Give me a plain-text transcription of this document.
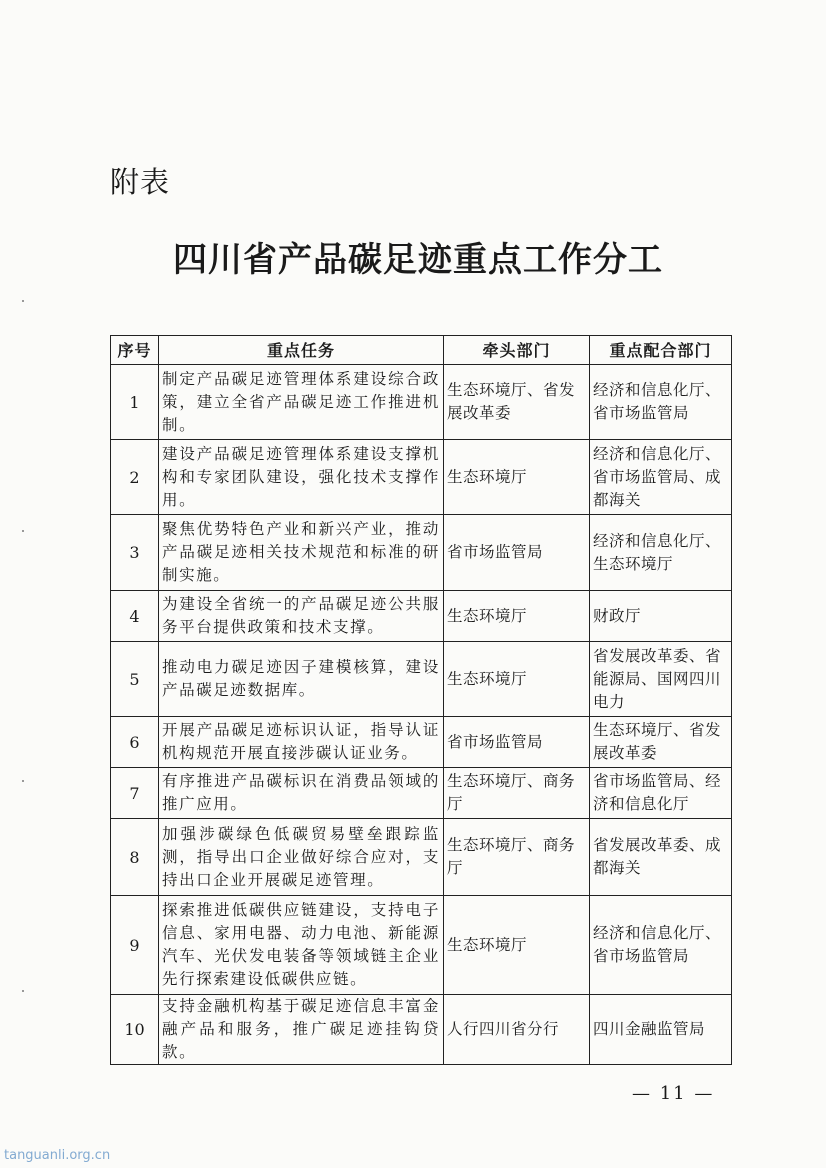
附表
四川省产品碳足迹重点工作分工
序号	重点任务	牵头部门	重点配合部门
1	制定产品碳足迹管理体系建设综合政策，建立全省产品碳足迹工作推进机制。	生态环境厅、省发展改革委	经济和信息化厅、省市场监管局
2	建设产品碳足迹管理体系建设支撑机构和专家团队建设，强化技术支撑作用。	生态环境厅	经济和信息化厅、省市场监管局、成都海关
3	聚焦优势特色产业和新兴产业，推动产品碳足迹相关技术规范和标准的研制实施。	省市场监管局	经济和信息化厅、生态环境厅
4	为建设全省统一的产品碳足迹公共服务平台提供政策和技术支撑。	生态环境厅	财政厅
5	推动电力碳足迹因子建模核算，建设产品碳足迹数据库。	生态环境厅	省发展改革委、省能源局、国网四川电力
6	开展产品碳足迹标识认证，指导认证机构规范开展直接涉碳认证业务。	省市场监管局	生态环境厅、省发展改革委
7	有序推进产品碳标识在消费品领域的推广应用。	生态环境厅、商务厅	省市场监管局、经济和信息化厅
8	加强涉碳绿色低碳贸易壁垒跟踪监测，指导出口企业做好综合应对，支持出口企业开展碳足迹管理。	生态环境厅、商务厅	省发展改革委、成都海关
9	探索推进低碳供应链建设，支持电子信息、家用电器、动力电池、新能源汽车、光伏发电装备等领域链主企业先行探索建设低碳供应链。	生态环境厅	经济和信息化厅、省市场监管局
10	支持金融机构基于碳足迹信息丰富金融产品和服务，推广碳足迹挂钩贷款。	人行四川省分行	四川金融监管局
— 11 —
tanguanli.org.cn
